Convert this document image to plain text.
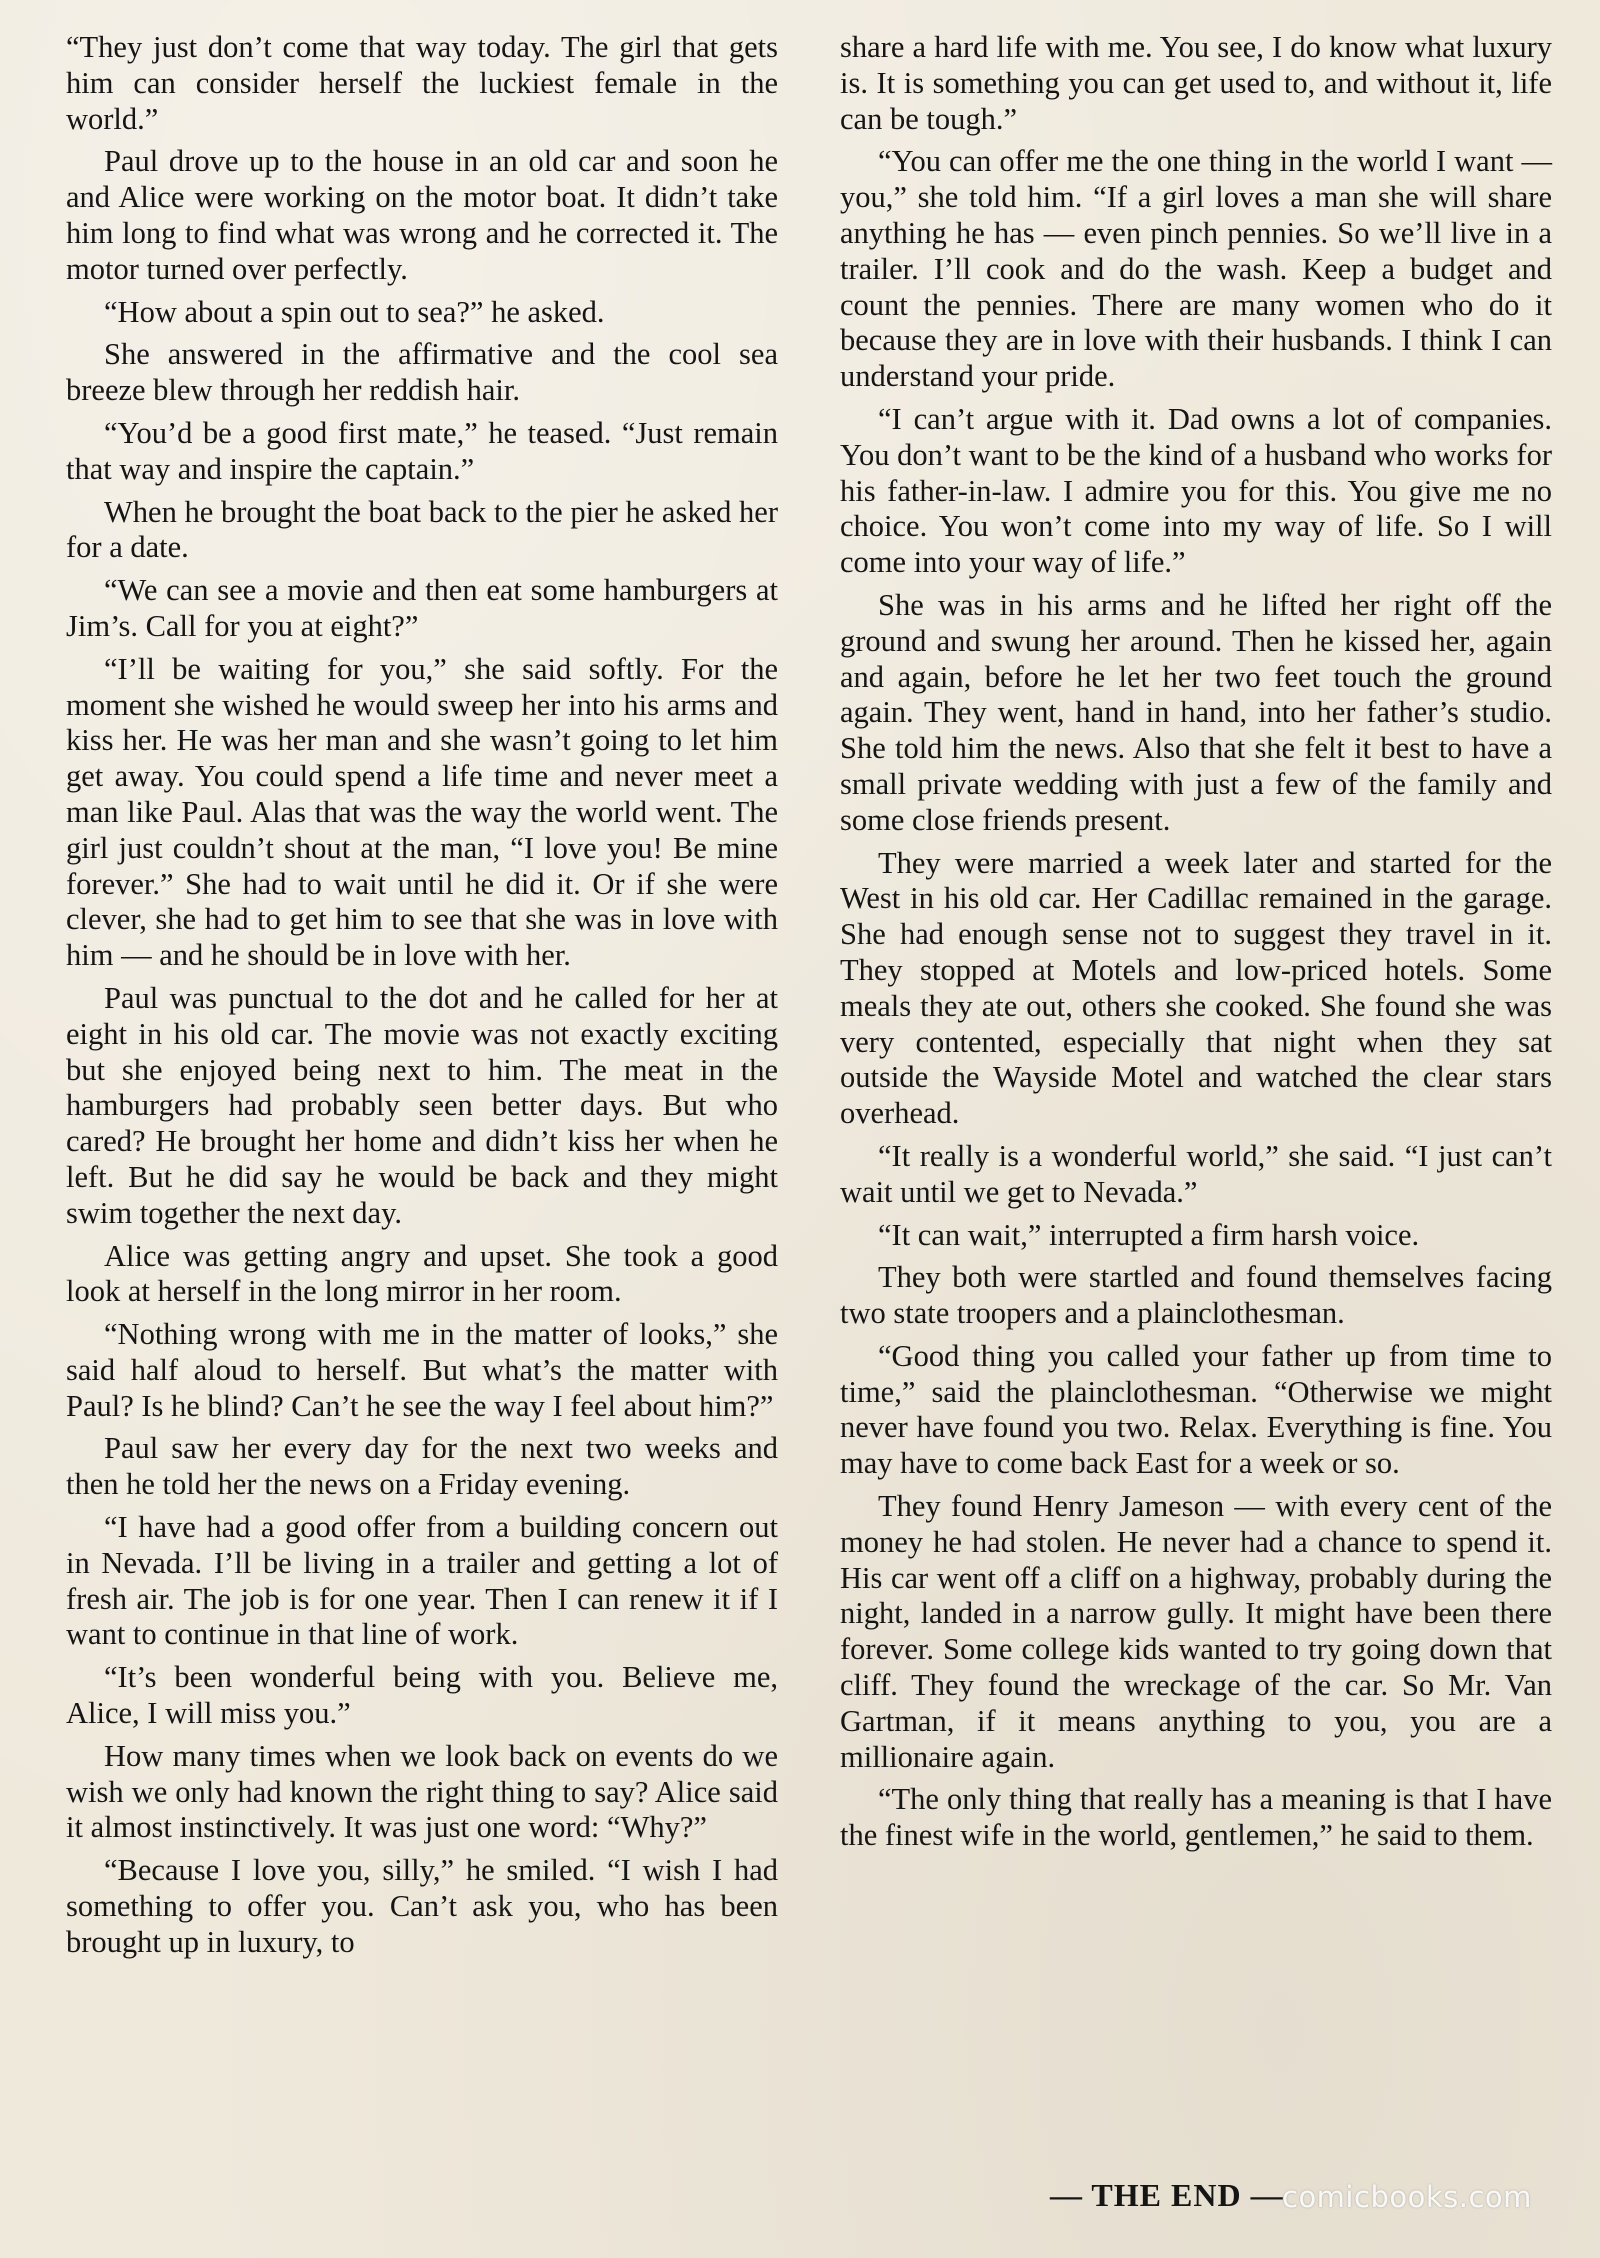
“They just don’t come that way today. The girl that gets him can consider herself the luckiest female in the world.”

Paul drove up to the house in an old car and soon he and Alice were working on the motor boat. It didn’t take him long to find what was wrong and he corrected it. The motor turned over perfectly.

“How about a spin out to sea?” he asked.

She answered in the affirmative and the cool sea breeze blew through her reddish hair.

“You’d be a good first mate,” he teased. “Just remain that way and inspire the captain.”

When he brought the boat back to the pier he asked her for a date.

“We can see a movie and then eat some hamburgers at Jim’s. Call for you at eight?”

“I’ll be waiting for you,” she said softly. For the moment she wished he would sweep her into his arms and kiss her. He was her man and she wasn’t going to let him get away. You could spend a life time and never meet a man like Paul. Alas that was the way the world went. The girl just couldn’t shout at the man, “I love you! Be mine forever.” She had to wait until he did it. Or if she were clever, she had to get him to see that she was in love with him — and he should be in love with her.

Paul was punctual to the dot and he called for her at eight in his old car. The movie was not exactly exciting but she enjoyed being next to him. The meat in the hamburgers had probably seen better days. But who cared? He brought her home and didn’t kiss her when he left. But he did say he would be back and they might swim together the next day.

Alice was getting angry and upset. She took a good look at herself in the long mirror in her room.

“Nothing wrong with me in the matter of looks,” she said half aloud to herself. But what’s the matter with Paul? Is he blind? Can’t he see the way I feel about him?”

Paul saw her every day for the next two weeks and then he told her the news on a Friday evening.

“I have had a good offer from a building concern out in Nevada. I’ll be living in a trailer and getting a lot of fresh air. The job is for one year. Then I can renew it if I want to continue in that line of work.

“It’s been wonderful being with you. Believe me, Alice, I will miss you.”

How many times when we look back on events do we wish we only had known the right thing to say? Alice said it almost instinctively. It was just one word: “Why?”

“Because I love you, silly,” he smiled. “I wish I had something to offer you. Can’t ask you, who has been brought up in luxury, to

share a hard life with me. You see, I do know what luxury is. It is something you can get used to, and without it, life can be tough.”

“You can offer me the one thing in the world I want — you,” she told him. “If a girl loves a man she will share anything he has — even pinch pennies. So we’ll live in a trailer. I’ll cook and do the wash. Keep a budget and count the pennies. There are many women who do it because they are in love with their husbands. I think I can understand your pride.

“I can’t argue with it. Dad owns a lot of companies. You don’t want to be the kind of a husband who works for his father-in-law. I admire you for this. You give me no choice. You won’t come into my way of life. So I will come into your way of life.”

She was in his arms and he lifted her right off the ground and swung her around. Then he kissed her, again and again, before he let her two feet touch the ground again. They went, hand in hand, into her father’s studio. She told him the news. Also that she felt it best to have a small private wedding with just a few of the family and some close friends present.

They were married a week later and started for the West in his old car. Her Cadillac remained in the garage. She had enough sense not to suggest they travel in it. They stopped at Motels and low-priced hotels. Some meals they ate out, others she cooked. She found she was very contented, especially that night when they sat outside the Wayside Motel and watched the clear stars overhead.

“It really is a wonderful world,” she said. “I just can’t wait until we get to Nevada.”

“It can wait,” interrupted a firm harsh voice.

They both were startled and found themselves facing two state troopers and a plainclothesman.

“Good thing you called your father up from time to time,” said the plainclothesman. “Otherwise we might never have found you two. Relax. Everything is fine. You may have to come back East for a week or so.

They found Henry Jameson — with every cent of the money he had stolen. He never had a chance to spend it. His car went off a cliff on a highway, probably during the night, landed in a narrow gully. It might have been there forever. Some college kids wanted to try going down that cliff. They found the wreckage of the car. So Mr. Van Gartman, if it means anything to you, you are a millionaire again.

“The only thing that really has a meaning is that I have the finest wife in the world, gentlemen,” he said to them.

— THE END —
comicbooks.com
